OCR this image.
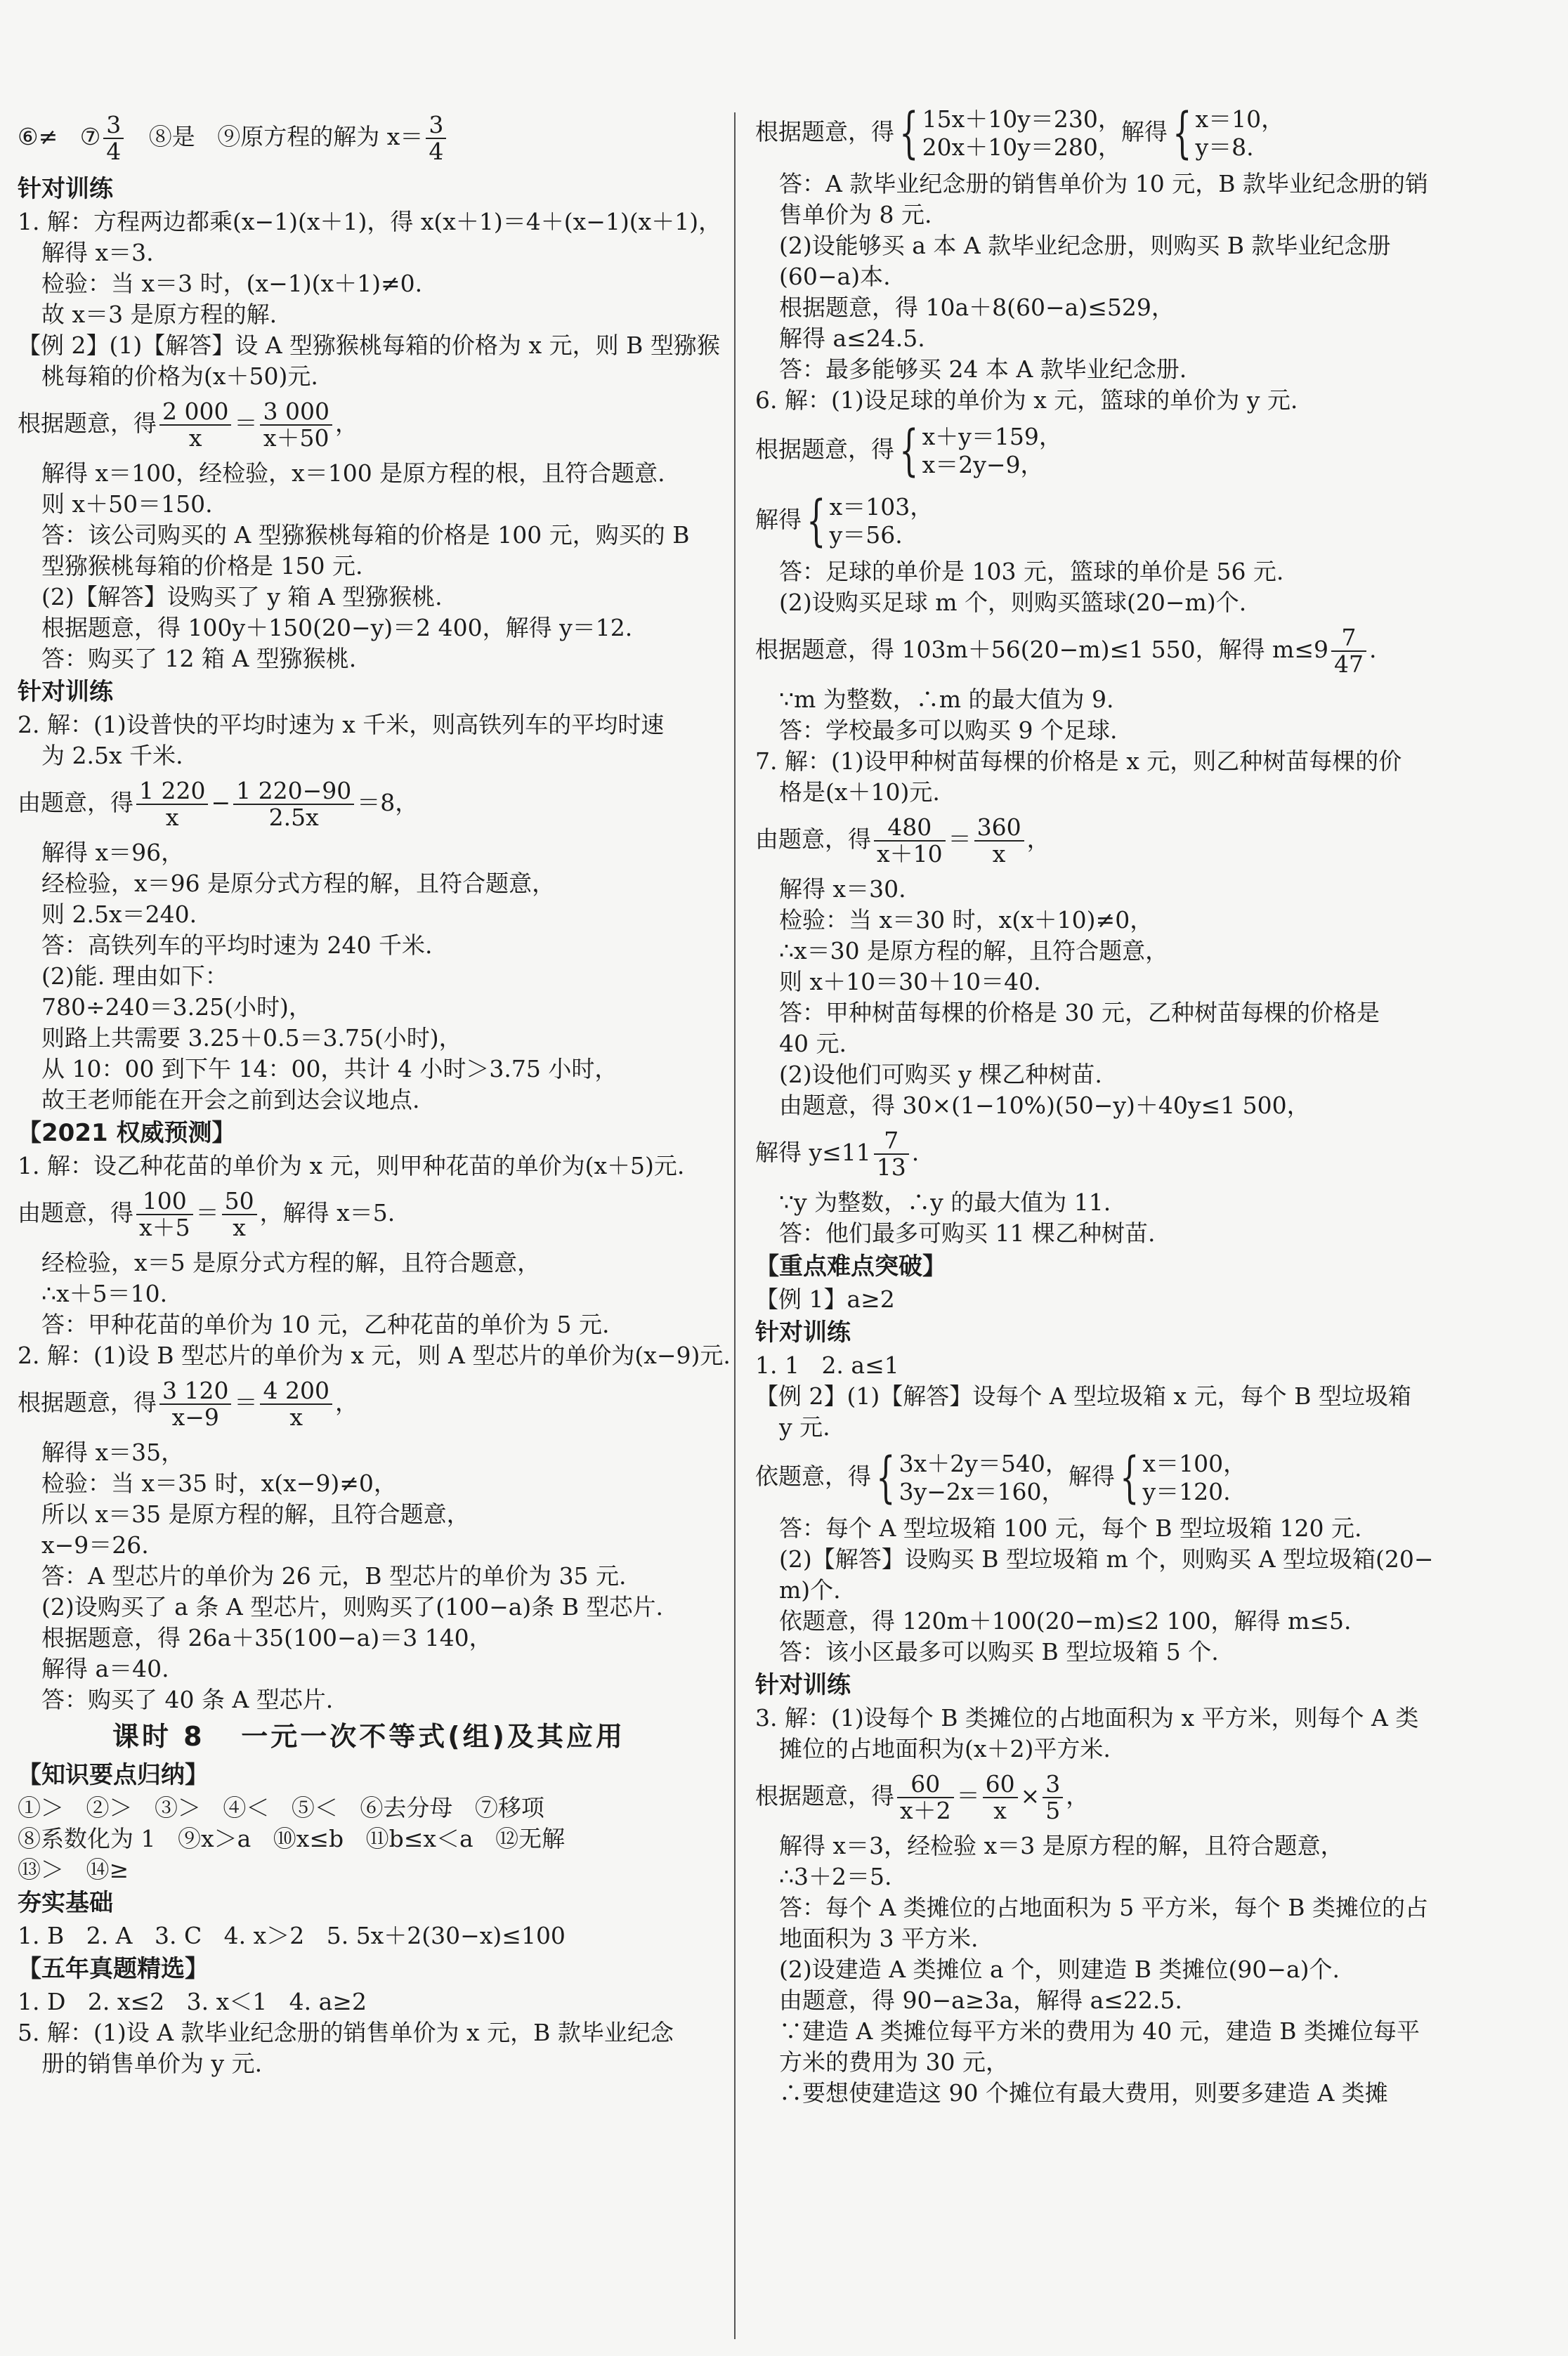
⑥≠   ⑦ $\frac{3}{4}$ ⑧是   ⑨原方程的解为 $x= \frac{3}{4}$

针对训练

1. 解：方程两边都乘(x−1)(x＋1)，得 x(x＋1)＝4＋(x−1)(x＋1)，

解得 x＝3.

检验：当 x＝3 时，(x−1)(x＋1)≠0.

故 x＝3 是原方程的解.

【例 2】(1)【解答】设 A 型猕猴桃每箱的价格为 x 元，则 B 型猕猴

桃每箱的价格为(x＋50)元.

根据题意，得 $\frac{2 000}{x} = \frac{3 000}{x+50}$ ，

解得 x＝100，经检验，x＝100 是原方程的根，且符合题意.

则 x＋50＝150.

答：该公司购买的 A 型猕猴桃每箱的价格是 100 元，购买的 B

型猕猴桃每箱的价格是 150 元.

(2)【解答】设购买了 y 箱 A 型猕猴桃.

根据题意，得 100y＋150(20−y)＝2 400，解得 y＝12.

答：购买了 12 箱 A 型猕猴桃.

针对训练

2. 解：(1)设普快的平均时速为 x 千米，则高铁列车的平均时速

为 2.5x 千米.

由题意，得 $\frac{1 220}{x} - \frac{1 220-90}{2.5x} =8$，

解得 x＝96，

经检验，x＝96 是原分式方程的解，且符合题意，

则 2.5x＝240.

答：高铁列车的平均时速为 240 千米.

(2)能. 理由如下：

780÷240＝3.25(小时)，

则路上共需要 3.25＋0.5＝3.75(小时)，

从 10：00 到下午 14：00，共计 4 小时＞3.75 小时，

故王老师能在开会之前到达会议地点.

【2021 权威预测】

1. 解：设乙种花苗的单价为 x 元，则甲种花苗的单价为(x＋5)元.

由题意，得 $\frac{100}{x+5} = \frac{50}{x}$ ，解得 x＝5.

经检验，x＝5 是原分式方程的解，且符合题意，

∴x＋5＝10.

答：甲种花苗的单价为 10 元，乙种花苗的单价为 5 元.

2. 解：(1)设 B 型芯片的单价为 x 元，则 A 型芯片的单价为(x−9)元.

根据题意，得 $\frac{3 120}{x-9} = \frac{4 200}{x}$ ，

解得 x＝35，

检验：当 x＝35 时，x(x−9)≠0，

所以 x＝35 是原方程的解，且符合题意，

x−9＝26.

答：A 型芯片的单价为 26 元，B 型芯片的单价为 35 元.

(2)设购买了 a 条 A 型芯片，则购买了(100−a)条 B 型芯片.

根据题意，得 26a＋35(100−a)＝3 140，

解得 a＝40.

答：购买了 40 条 A 型芯片.

课时 8   一元一次不等式(组)及其应用

【知识要点归纳】

①＞   ②＞   ③＞   ④＜   ⑤＜   ⑥去分母   ⑦移项

⑧系数化为 1   ⑨x＞a   ⑩x≤b   ⑪b≤x＜a   ⑫无解

⑬＞   ⑭≥

夯实基础

1. B   2. A   3. C   4. x＞2   5. 5x＋2(30−x)≤100

【五年真题精选】

1. D   2. x≤2   3. x＜1   4. a≥2

5. 解：(1)设 A 款毕业纪念册的销售单价为 x 元，B 款毕业纪念

册的销售单价为 y 元.

根据题意，得{ 15x＋10y＝230，
20x＋10y＝280，
解得{ x＝10，
y＝8.

答：A 款毕业纪念册的销售单价为 10 元，B 款毕业纪念册的销

售单价为 8 元.

(2)设能够买 a 本 A 款毕业纪念册，则购买 B 款毕业纪念册

(60−a)本.

根据题意，得 10a＋8(60−a)≤529，

解得 a≤24.5.

答：最多能够买 24 本 A 款毕业纪念册.

6. 解：(1)设足球的单价为 x 元，篮球的单价为 y 元.

根据题意，得{ x＋y＝159，
x＝2y−9，

解得{ x＝103，
y＝56.

答：足球的单价是 103 元，篮球的单价是 56 元.

(2)设购买足球 m 个，则购买篮球(20−m)个.

根据题意，得 103m＋56(20−m)≤1 550，解得 $m\le 9 \frac{7}{47}$ .

∵m 为整数，∴m 的最大值为 9.

答：学校最多可以购买 9 个足球.

7. 解：(1)设甲种树苗每棵的价格是 x 元，则乙种树苗每棵的价

格是(x＋10)元.

由题意，得 $\frac{480}{x+10} = \frac{360}{x}$ ，

解得 x＝30.

检验：当 x＝30 时，x(x＋10)≠0，

∴x＝30 是原方程的解，且符合题意，

则 x＋10＝30＋10＝40.

答：甲种树苗每棵的价格是 30 元，乙种树苗每棵的价格是

40 元.

(2)设他们可购买 y 棵乙种树苗.

由题意，得 30×(1−10%)(50−y)＋40y≤1 500，

解得 $y\le 11 \frac{7}{13}$ .

∵y 为整数，∴y 的最大值为 11.

答：他们最多可购买 11 棵乙种树苗.

【重点难点突破】

【例 1】a≥2

针对训练

1. 1   2. a≤1

【例 2】(1)【解答】设每个 A 型垃圾箱 x 元，每个 B 型垃圾箱

y 元.

依题意，得{ 3x＋2y＝540，
3y−2x＝160，
解得{ x＝100，
y＝120.

答：每个 A 型垃圾箱 100 元，每个 B 型垃圾箱 120 元.

(2)【解答】设购买 B 型垃圾箱 m 个，则购买 A 型垃圾箱(20−

m)个.

依题意，得 120m＋100(20−m)≤2 100，解得 m≤5.

答：该小区最多可以购买 B 型垃圾箱 5 个.

针对训练

3. 解：(1)设每个 B 类摊位的占地面积为 x 平方米，则每个 A 类

摊位的占地面积为(x＋2)平方米.

根据题意，得 $\frac{60}{x+2} = \frac{60}{x} \times \frac{3}{5}$ ，

解得 x＝3，经检验 x＝3 是原方程的解，且符合题意，

∴3＋2＝5.

答：每个 A 类摊位的占地面积为 5 平方米，每个 B 类摊位的占

地面积为 3 平方米.

(2)设建造 A 类摊位 a 个，则建造 B 类摊位(90−a)个.

由题意，得 90−a≥3a，解得 a≤22.5.

∵建造 A 类摊位每平方米的费用为 40 元，建造 B 类摊位每平

方米的费用为 30 元，

∴要想使建造这 90 个摊位有最大费用，则要多建造 A 类摊
